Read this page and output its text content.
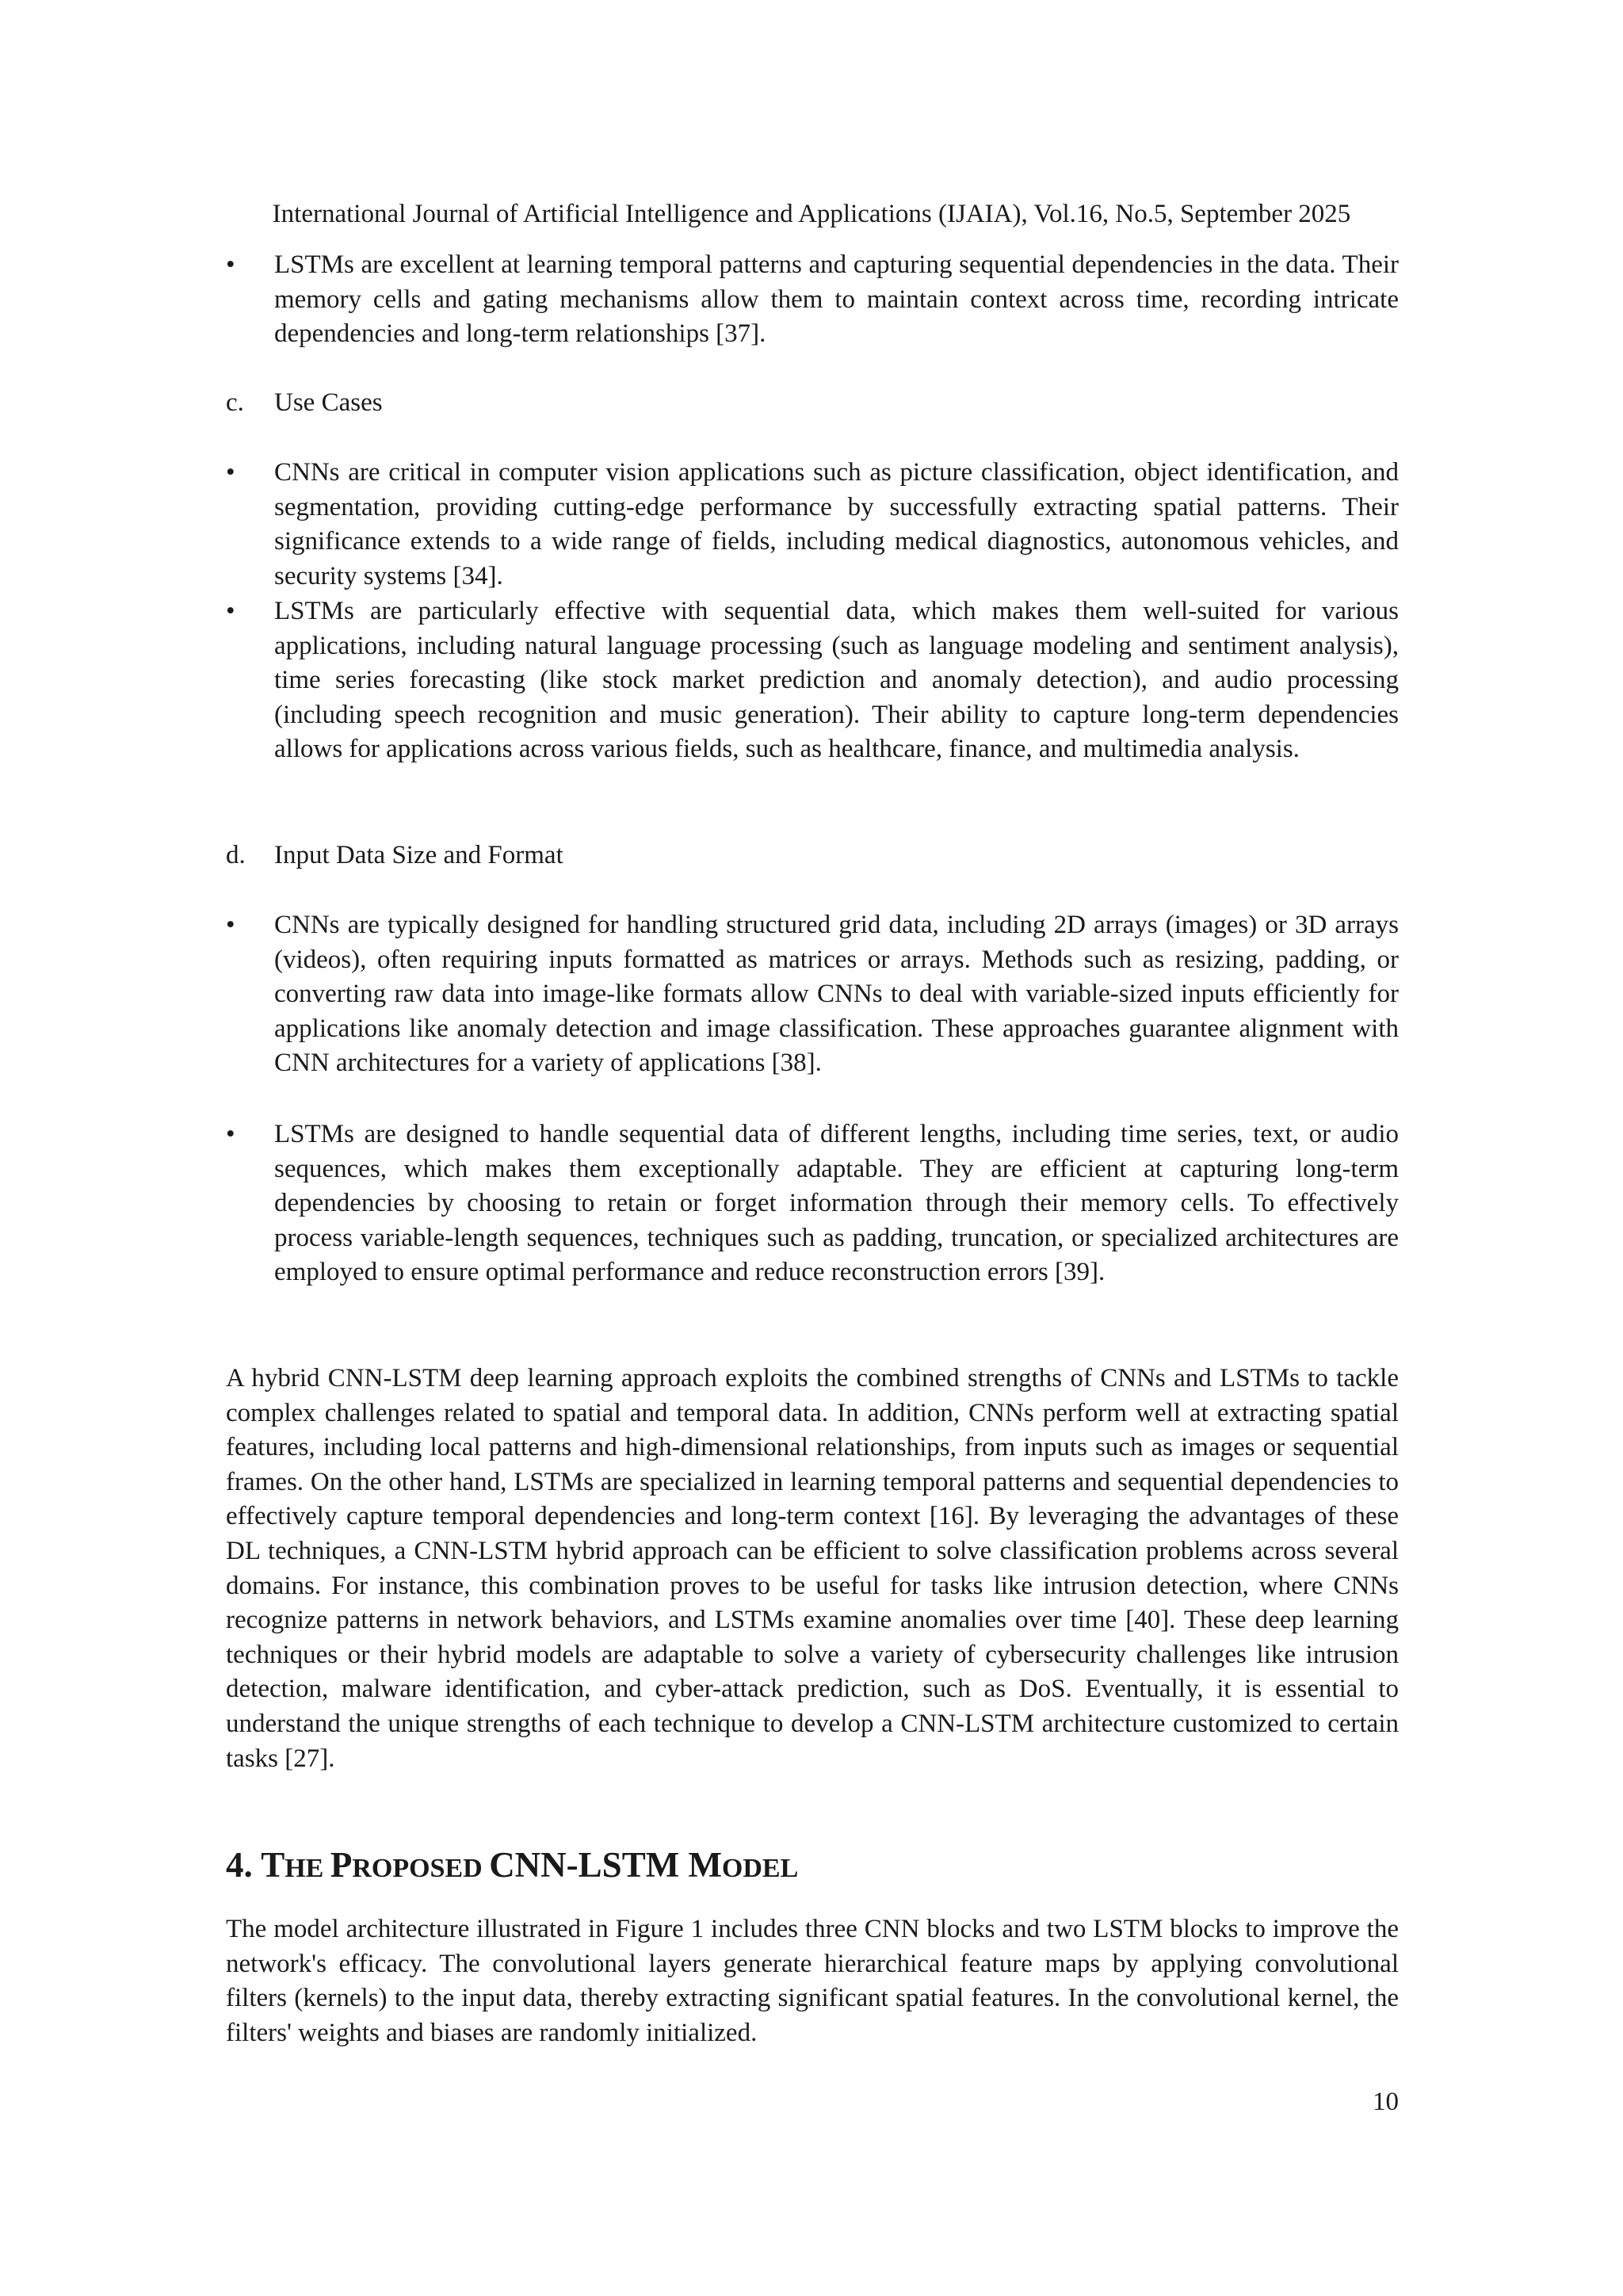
International Journal of Artificial Intelligence and Applications (IJAIA), Vol.16, No.5, September 2025

•	LSTMs are excellent at learning temporal patterns and capturing sequential dependencies in the data. Their memory cells and gating mechanisms allow them to maintain context across time, recording intricate dependencies and long-term relationships [37].

c. Use Cases

•	CNNs are critical in computer vision applications such as picture classification, object identification, and segmentation, providing cutting-edge performance by successfully extracting spatial patterns. Their significance extends to a wide range of fields, including medical diagnostics, autonomous vehicles, and security systems [34].

•	LSTMs are particularly effective with sequential data, which makes them well-suited for various applications, including natural language processing (such as language modeling and sentiment analysis), time series forecasting (like stock market prediction and anomaly detection), and audio processing (including speech recognition and music generation). Their ability to capture long-term dependencies allows for applications across various fields, such as healthcare, finance, and multimedia analysis.

d. Input Data Size and Format

•	CNNs are typically designed for handling structured grid data, including 2D arrays (images) or 3D arrays (videos), often requiring inputs formatted as matrices or arrays. Methods such as resizing, padding, or converting raw data into image-like formats allow CNNs to deal with variable-sized inputs efficiently for applications like anomaly detection and image classification. These approaches guarantee alignment with CNN architectures for a variety of applications [38].

•	LSTMs are designed to handle sequential data of different lengths, including time series, text, or audio sequences, which makes them exceptionally adaptable. They are efficient at capturing long-term dependencies by choosing to retain or forget information through their memory cells. To effectively process variable-length sequences, techniques such as padding, truncation, or specialized architectures are employed to ensure optimal performance and reduce reconstruction errors [39].

A hybrid CNN-LSTM deep learning approach exploits the combined strengths of CNNs and LSTMs to tackle complex challenges related to spatial and temporal data. In addition, CNNs perform well at extracting spatial features, including local patterns and high-dimensional relationships, from inputs such as images or sequential frames. On the other hand, LSTMs are specialized in learning temporal patterns and sequential dependencies to effectively capture temporal dependencies and long-term context [16]. By leveraging the advantages of these DL techniques, a CNN-LSTM hybrid approach can be efficient to solve classification problems across several domains. For instance, this combination proves to be useful for tasks like intrusion detection, where CNNs recognize patterns in network behaviors, and LSTMs examine anomalies over time [40]. These deep learning techniques or their hybrid models are adaptable to solve a variety of cybersecurity challenges like intrusion detection, malware identification, and cyber-attack prediction, such as DoS. Eventually, it is essential to understand the unique strengths of each technique to develop a CNN-LSTM architecture customized to certain tasks [27].

4. THE PROPOSED CNN-LSTM MODEL

The model architecture illustrated in Figure 1 includes three CNN blocks and two LSTM blocks to improve the network's efficacy. The convolutional layers generate hierarchical feature maps by applying convolutional filters (kernels) to the input data, thereby extracting significant spatial features. In the convolutional kernel, the filters' weights and biases are randomly initialized.

10
